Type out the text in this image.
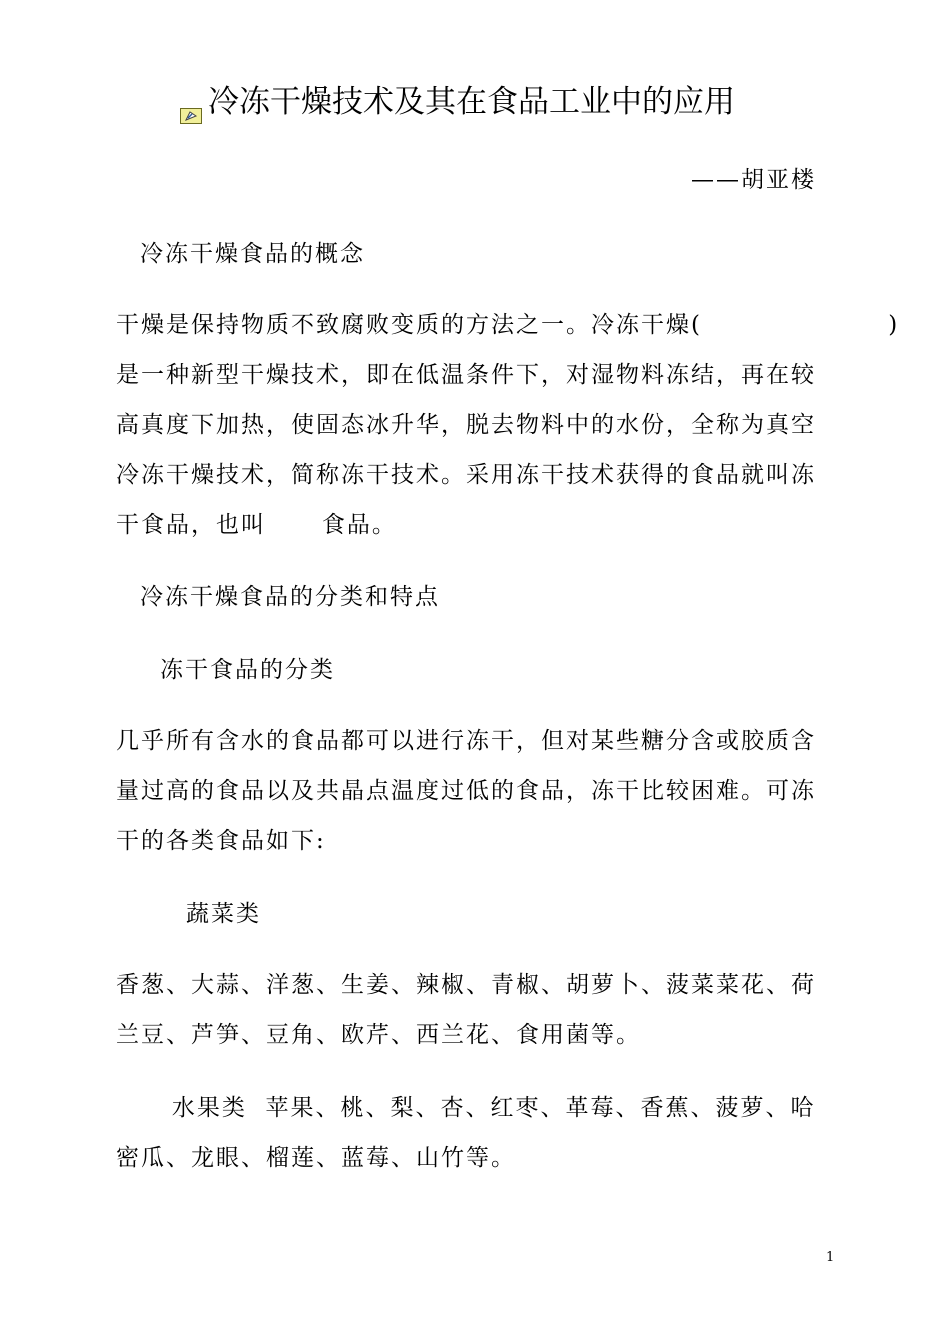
冷冻干燥技术及其在食品工业中的应用
——胡亚楼
冷冻干燥食品的概念
干燥是保持物质不致腐败变质的方法之一。冷冻干燥(                    )
是一种新型干燥技术，即在低温条件下，对湿物料冻结，再在较
高真度下加热，使固态冰升华，脱去物料中的水份，全称为真空
冷冻干燥技术，简称冻干技术。采用冻干技术获得的食品就叫冻
干食品，也叫      食品。
冷冻干燥食品的分类和特点
冻干食品的分类
几乎所有含水的食品都可以进行冻干，但对某些糖分含或胶质含
量过高的食品以及共晶点温度过低的食品，冻干比较困难。可冻
干的各类食品如下:
蔬菜类
香葱、大蒜、洋葱、生姜、辣椒、青椒、胡萝卜、菠菜菜花、荷
兰豆、芦笋、豆角、欧芹、西兰花、食用菌等。
水果类  苹果、桃、梨、杏、红枣、革莓、香蕉、菠萝、哈
密瓜、龙眼、榴莲、蓝莓、山竹等。
1
